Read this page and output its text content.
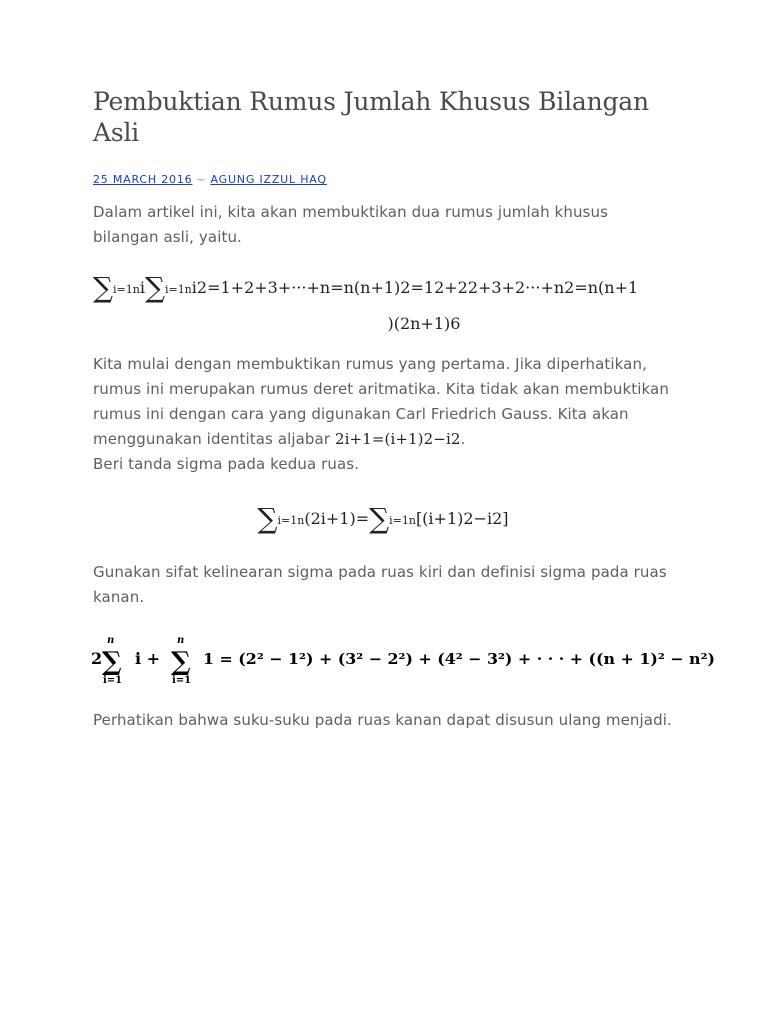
Pembuktian Rumus Jumlah Khusus Bilangan Asli
25 MARCH 2016 ~ AGUNG IZZUL HAQ

Dalam artikel ini, kita akan membuktikan dua rumus jumlah khusus bilangan asli, yaitu.

∑i=1ni∑i=1ni2=1+2+3+···+n=n(n+1)2=12+22+3+2···+n2=n(n+1
)(2n+1)6

Kita mulai dengan membuktikan rumus yang pertama. Jika diperhatikan, rumus ini merupakan rumus deret aritmatika. Kita tidak akan membuktikan rumus ini dengan cara yang digunakan Carl Friedrich Gauss. Kita akan menggunakan identitas aljabar 2i+1=(i+1)2−i2.
Beri tanda sigma pada kedua ruas.

∑i=1n(2i+1)=∑i=1n[(i+1)2−i2]

Gunakan sifat kelinearan sigma pada ruas kiri dan definisi sigma pada ruas kanan.

2
n
∑
i=1
i +
n
∑
i=1
1 = (2² − 1²) + (3² − 2²) + (4² − 3²) + · · · + ((n + 1)² − n²)

Perhatikan bahwa suku-suku pada ruas kanan dapat disusun ulang menjadi.
